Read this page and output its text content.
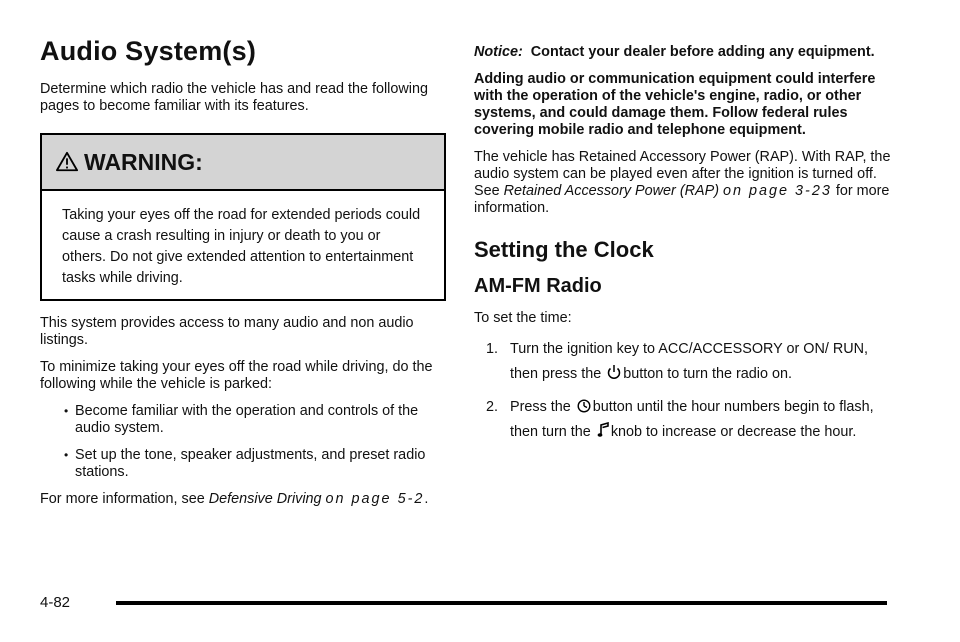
Audio System(s)

Determine which radio the vehicle has and read the following pages to become familiar with its features.

WARNING:

Taking your eyes off the road for extended periods could cause a crash resulting in injury or death to you or others. Do not give extended attention to entertainment tasks while driving.

This system provides access to many audio and non audio listings.

To minimize taking your eyes off the road while driving, do the following while the vehicle is parked:

• Become familiar with the operation and controls of the audio system.
• Set up the tone, speaker adjustments, and preset radio stations.

For more information, see Defensive Driving on page 5‑2.

Notice: Contact your dealer before adding any equipment.

Adding audio or communication equipment could interfere with the operation of the vehicle's engine, radio, or other systems, and could damage them. Follow federal rules covering mobile radio and telephone equipment.

The vehicle has Retained Accessory Power (RAP). With RAP, the audio system can be played even after the ignition is turned off. See Retained Accessory Power (RAP) on page 3‑23 for more information.

Setting the Clock
AM-FM Radio

To set the time:

1. Turn the ignition key to ACC/ACCESSORY or ON/ RUN, then press the button to turn the radio on.
2. Press the button until the hour numbers begin to flash, then turn the knob to increase or decrease the hour.
4-82
